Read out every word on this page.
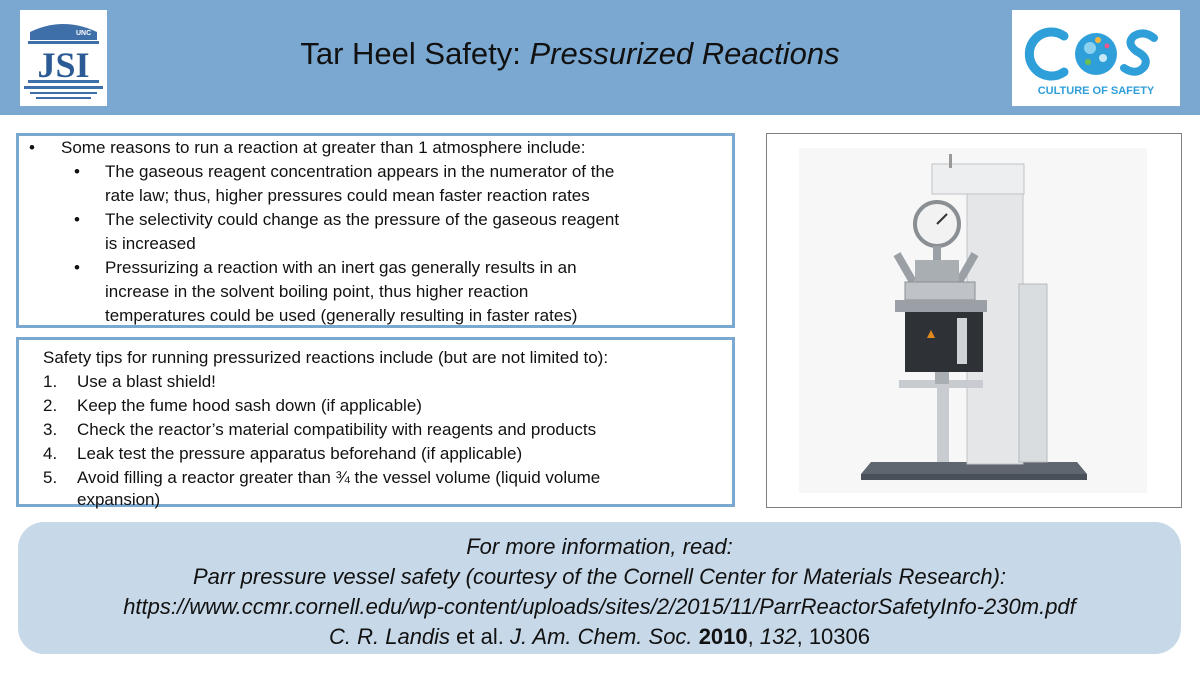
UNC
JSI	Tar Heel Safety: Pressurized Reactions
CULTURE OF SAFETY
• Some reasons to run a reaction at greater than 1 atmosphere include:
• The gaseous reagent concentration appears in the numerator of the
rate law; thus, higher pressures could mean faster reaction rates
• The selectivity could change as the pressure of the gaseous reagent
is increased
• Pressurizing a reaction with an inert gas generally results in an
increase in the solvent boiling point, thus higher reaction
temperatures could be used (generally resulting in faster rates)
Safety tips for running pressurized reactions include (but are not limited to):
1. Use a blast shield!
2. Keep the fume hood sash down (if applicable)
3. Check the reactor’s material compatibility with reagents and products
4. Leak test the pressure apparatus beforehand (if applicable)
5. Avoid filling a reactor greater than ¾ the vessel volume (liquid volume
expansion)
For more information, read:
Parr pressure vessel safety (courtesy of the Cornell Center for Materials Research):
https://www.ccmr.cornell.edu/wp-content/uploads/sites/2/2015/11/ParrReactorSafetyInfo-230m.pdf
C. R. Landis et al. J. Am. Chem. Soc. 2010, 132, 10306
